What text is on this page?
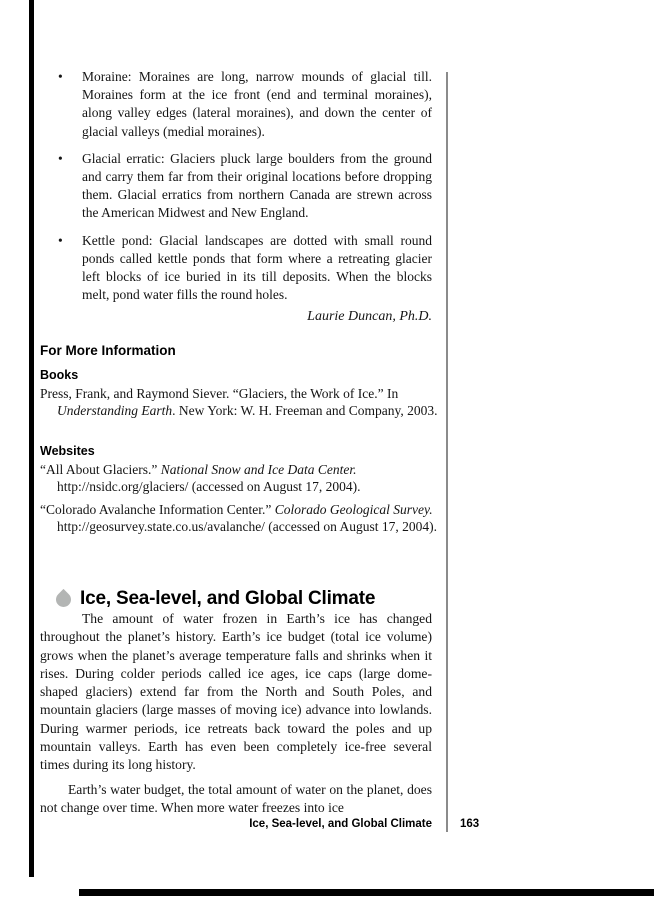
• Moraine: Moraines are long, narrow mounds of glacial till. Moraines form at the ice front (end and terminal moraines), along valley edges (lateral moraines), and down the center of glacial valleys (medial moraines).
• Glacial erratic: Glaciers pluck large boulders from the ground and carry them far from their original locations before dropping them. Glacial erratics from northern Canada are strewn across the American Midwest and New England.
• Kettle pond: Glacial landscapes are dotted with small round ponds called kettle ponds that form where a retreating glacier left blocks of ice buried in its till deposits. When the blocks melt, pond water fills the round holes.
Laurie Duncan, Ph.D.
For More Information
Books

Press, Frank, and Raymond Siever. “Glaciers, the Work of Ice.” In Understanding Earth. New York: W. H. Freeman and Company, 2003.

Websites

“All About Glaciers.” National Snow and Ice Data Center. http://nsidc.org/glaciers/ (accessed on August 17, 2004).

“Colorado Avalanche Information Center.” Colorado Geological Survey. http://geosurvey.state.co.us/avalanche/ (accessed on August 17, 2004).

Ice, Sea-level, and Global Climate

The amount of water frozen in Earth’s ice has changed throughout the planet’s history. Earth’s ice budget (total ice volume) grows when the planet’s average temperature falls and shrinks when it rises. During colder periods called ice ages, ice caps (large dome-shaped glaciers) extend far from the North and South Poles, and mountain glaciers (large masses of moving ice) advance into lowlands. During warmer periods, ice retreats back toward the poles and up mountain valleys. Earth has even been completely ice-free several times during its long history.

Earth’s water budget, the total amount of water on the planet, does not change over time. When more water freezes into ice

Ice, Sea-level, and Global Climate 163
